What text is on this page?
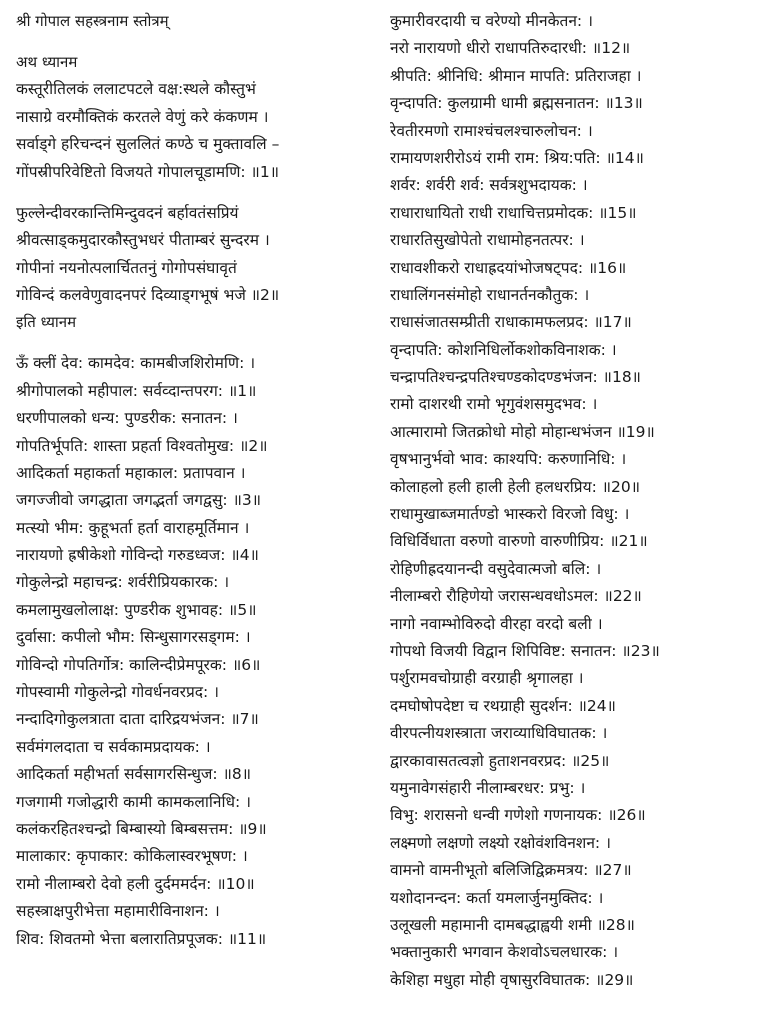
श्री गोपाल सहस्त्रनाम स्तोत्रम्
अथ ध्यानम
कस्तूरीतिलकं ललाटपटले वक्ष:स्थले कौस्तुभं
नासाग्रे वरमौक्तिकं करतले वेणुं करे कंकणम ।
सर्वाड्गे हरिचन्दनं सुललितं कण्ठे च मुक्तावलि –
गोंपस्रीपरिवेष्टितो विजयते गोपालचूडामणि: ॥1॥
फुल्लेन्दीवरकान्तिमिन्दुवदनं बर्हावतंसप्रियं
श्रीवत्साड्कमुदारकौस्तुभधरं पीताम्बरं सुन्दरम ।
गोपीनां नयनोत्पलार्चिततनुं गोगोपसंघावृतं
गोविन्दं कलवेणुवादनपरं दिव्याड्गभूषं भजे ॥2॥
इति ध्यानम
ऊँ क्लीं देव: कामदेव: कामबीजशिरोमणि: ।
श्रीगोपालको महीपाल: सर्वव्दान्तपरग: ॥1॥
धरणीपालको धन्य: पुण्डरीक: सनातन: ।
गोपतिर्भूपति: शास्ता प्रहर्ता विश्वतोमुख: ॥2॥
आदिकर्ता महाकर्ता महाकाल: प्रतापवान ।
जगज्जीवो जगद्धाता जगद्भर्ता जगद्वसु: ॥3॥
मत्स्यो भीम: कुहूभर्ता हर्ता वाराहमूर्तिमान ।
नारायणो ह्रषीकेशो गोविन्दो गरुडध्वज: ॥4॥
गोकुलेन्द्रो महाचन्द्र: शर्वरीप्रियकारक: ।
कमलामुखलोलाक्ष: पुण्डरीक शुभावह: ॥5॥
दुर्वासा: कपीलो भौम: सिन्धुसागरसड्गम: ।
गोविन्दो गोपतिर्गोत्र: कालिन्दीप्रेमपूरक: ॥6॥
गोपस्वामी गोकुलेन्द्रो गोवर्धनवरप्रद: ।
नन्दादिगोकुलत्राता दाता दारिद्रयभंजन: ॥7॥
सर्वमंगलदाता च सर्वकामप्रदायक: ।
आदिकर्ता महीभर्ता सर्वसागरसिन्धुज: ॥8॥
गजगामी गजोद्धारी कामी कामकलानिधि: ।
कलंकरहितश्चन्द्रो बिम्बास्यो बिम्बसत्तम: ॥9॥
मालाकार: कृपाकार: कोकिलास्वरभूषण: ।
रामो नीलाम्बरो देवो हली दुर्दममर्दन: ॥10॥
सहस्त्राक्षपुरीभेत्ता महामारीविनाशन: ।
शिव: शिवतमो भेत्ता बलारातिप्रपूजक: ॥11॥
कुमारीवरदायी च वरेण्यो मीनकेतन: ।
नरो नारायणो धीरो राधापतिरुदारधी: ॥12॥
श्रीपति: श्रीनिधि: श्रीमान मापति: प्रतिराजहा ।
वृन्दापति: कुलग्रामी धामी ब्रह्मसनातन: ॥13॥
रेवतीरमणो रामाश्चंचलश्चारुलोचन: ।
रामायणशरीरोऽयं रामी राम: श्रिय:पति: ॥14॥
शर्वर: शर्वरी शर्व: सर्वत्रशुभदायक: ।
राधाराधायितो राधी राधाचित्तप्रमोदक: ॥15॥
राधारतिसुखोपेतो राधामोहनतत्पर: ।
राधावशीकरो राधाह्रदयांभोजषट्पद: ॥16॥
राधालिंगनसंमोहो राधानर्तनकौतुक: ।
राधासंजातसम्प्रीती राधाकामफलप्रद: ॥17॥
वृन्दापति: कोशनिधिर्लोकशोकविनाशक: ।
चन्द्रापतिश्चन्द्रपतिश्चण्डकोदण्डभंजन: ॥18॥
रामो दाशरथी रामो भृगुवंशसमुदभव: ।
आत्मारामो जितक्रोधो मोहो मोहान्धभंजन ॥19॥
वृषभानुर्भवो भाव: काश्यपि: करुणानिधि: ।
कोलाहलो हली हाली हेली हलधरप्रिय: ॥20॥
राधामुखाब्जमार्तण्डो भास्करो विरजो विधु: ।
विधिर्विधाता वरुणो वारुणो वारुणीप्रिय: ॥21॥
रोहिणीह्रदयानन्दी वसुदेवात्मजो बलि: ।
नीलाम्बरो रौहिणेयो जरासन्धवधोऽमल: ॥22॥
नागो नवाम्भोविरुदो वीरहा वरदो बली ।
गोपथो विजयी विद्वान शिपिविष्ट: सनातन: ॥23॥
पर्शुरामवचोग्राही वरग्राही श्रृगालहा ।
दमघोषोपदेष्टा च रथग्राही सुदर्शन: ॥24॥
वीरपत्नीयशस्त्राता जराव्याधिविघातक: ।
द्वारकावासतत्वज्ञो हुताशनवरप्रद: ॥25॥
यमुनावेगसंहारी नीलाम्बरधर: प्रभु: ।
विभु: शरासनो धन्वी गणेशो गणनायक: ॥26॥
लक्ष्मणो लक्षणो लक्ष्यो रक्षोवंशविनशन: ।
वामनो वामनीभूतो बलिजिद्विक्रमत्रय: ॥27॥
यशोदानन्दन: कर्ता यमलार्जुनमुक्तिद: ।
उलूखली महामानी दामबद्धाह्वयी शमी ॥28॥
भक्तानुकारी भगवान केशवोऽचलधारक: ।
केशिहा मधुहा मोही वृषासुरविघातक: ॥29॥
